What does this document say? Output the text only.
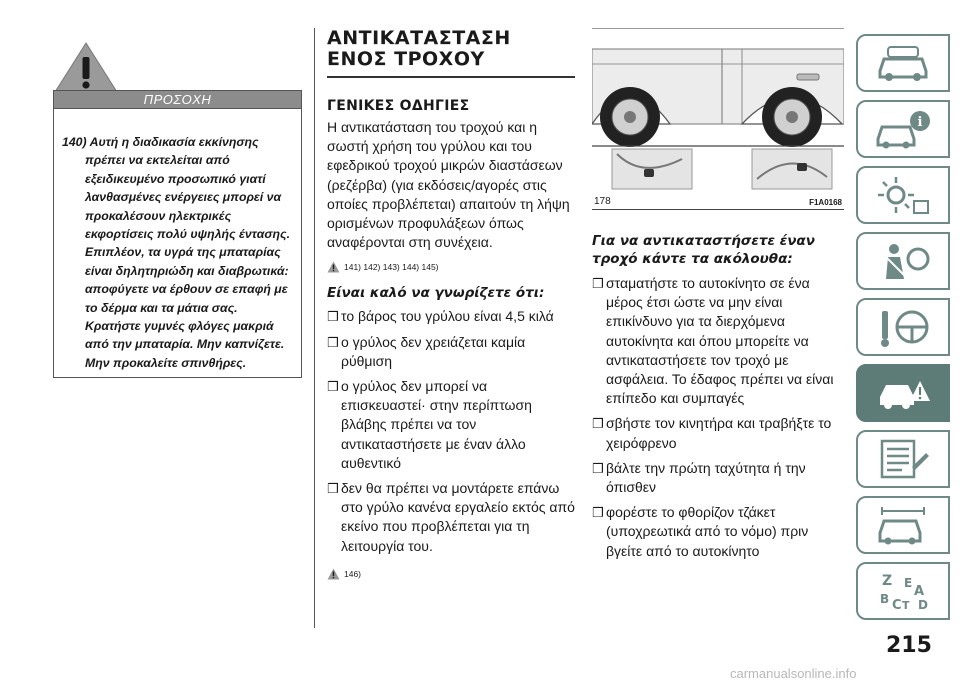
ΠΡΟΣΟΧΗ

140) Αυτή η διαδικασία εκκίνησης πρέπει να εκτελείται από εξειδικευμένο προσωπικό γιατί λανθασμένες ενέργειες μπορεί να προκαλέσουν ηλεκτρικές εκφορτίσεις πολύ υψηλής έντασης. Επιπλέον, τα υγρά της μπαταρίας είναι δηλητηριώδη και διαβρωτικά: αποφύγετε να έρθουν σε επαφή με το δέρμα και τα μάτια σας. Κρατήστε γυμνές φλόγες μακριά από την μπαταρία. Μην καπνίζετε. Μην προκαλείτε σπινθήρες.

ΑΝΤΙΚΑΤΑΣΤΑΣΗ ΕΝΟΣ ΤΡΟΧΟΥ
ΓΕΝΙΚΕΣ ΟΔΗΓΙΕΣ

Η αντικατάσταση του τροχού και η σωστή χρήση του γρύλου και του εφεδρικού τροχού μικρών διαστάσεων (ρεζέρβα) (για εκδόσεις/αγορές στις οποίες προβλέπεται) απαιτούν τη λήψη ορισμένων προφυλάξεων όπως αναφέρονται στη συνέχεια.

141) 142) 143) 144) 145)
Είναι καλό να γνωρίζετε ότι:
❒ το βάρος του γρύλου είναι 4,5 κιλά
❒ ο γρύλος δεν χρειάζεται καμία ρύθμιση
❒ ο γρύλος δεν μπορεί να επισκευαστεί· στην περίπτωση βλάβης πρέπει να τον αντικαταστήσετε με έναν άλλο αυθεντικό
❒ δεν θα πρέπει να μοντάρετε επάνω στο γρύλο κανένα εργαλείο εκτός από εκείνο που προβλέπεται για τη λειτουργία του.
146)
178	F1A0168
Για να αντικαταστήσετε έναν τροχό κάντε τα ακόλουθα:
❒ σταματήστε το αυτοκίνητο σε ένα μέρος έτσι ώστε να μην είναι επικίνδυνο για τα διερχόμενα αυτοκίνητα και όπου μπορείτε να αντικαταστήσετε τον τροχό με ασφάλεια. Το έδαφος πρέπει να είναι επίπεδο και συμπαγές
❒ σβήστε τον κινητήρα και τραβήξτε το χειρόφρενο
❒ βάλτε την πρώτη ταχύτητα ή την όπισθεν
❒ φορέστε το φθορίζον τζάκετ (υποχρεωτικά από το νόμο) πριν βγείτε από το αυτοκίνητο
i
Z E
A
B C T D
215
carmanualsonline.info
